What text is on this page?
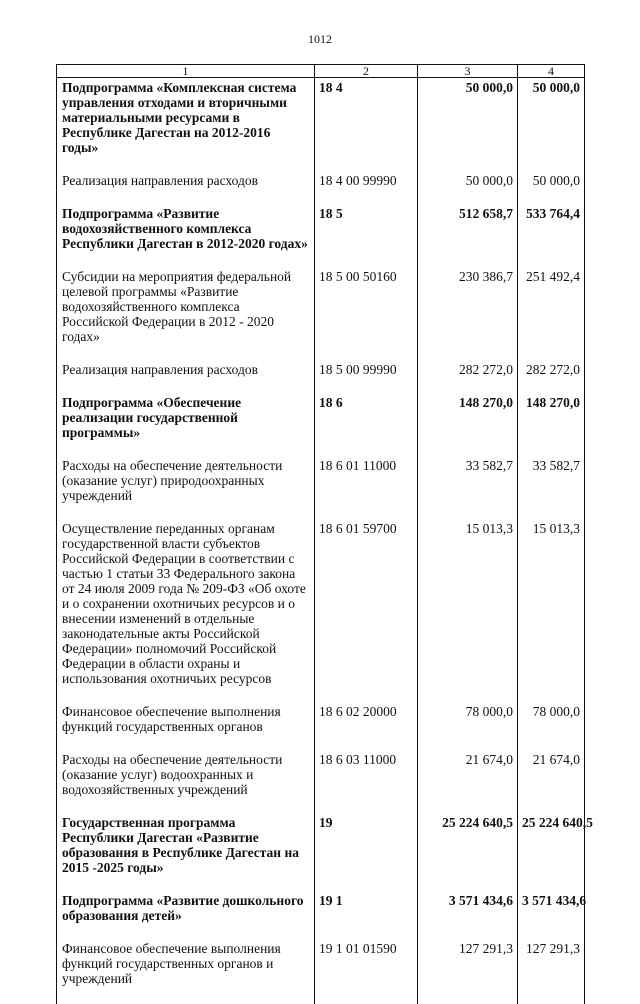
1012
1	2	3	4
Подпрограмма «Комплексная система управления отходами и вторичными материальными ресурсами в Республике Дагестан на 2012-2016 годы»	18 4	50 000,0	50 000,0
Реализация направления расходов	18 4 00 99990	50 000,0	50 000,0
Подпрограмма «Развитие водохозяйственного комплекса Республики Дагестан в 2012-2020 годах»	18 5	512 658,7	533 764,4
Субсидии на мероприятия федеральной целевой программы «Развитие водохозяйственного комплекса Российской Федерации в 2012 - 2020 годах»	18 5 00 50160	230 386,7	251 492,4
Реализация направления расходов	18 5 00 99990	282 272,0	282 272,0
Подпрограмма «Обеспечение реализации государственной программы»	18 6	148 270,0	148 270,0
Расходы на обеспечение деятельности (оказание услуг) природоохранных учреждений	18 6 01 11000	33 582,7	33 582,7
Осуществление переданных органам государственной власти субъектов Российской Федерации в соответствии с частью 1 статьи 33 Федерального закона от 24 июля 2009 года № 209-ФЗ «Об охоте и о сохранении охотничьих ресурсов и о внесении изменений в отдельные законодательные акты Российской Федерации» полномочий Российской Федерации в области охраны и использования охотничьих ресурсов	18 6 01 59700	15 013,3	15 013,3
Финансовое обеспечение выполнения функций государственных органов	18 6 02 20000	78 000,0	78 000,0
Расходы на обеспечение деятельности (оказание услуг) водоохранных и водохозяйственных учреждений	18 6 03 11000	21 674,0	21 674,0
Государственная программа Республики Дагестан «Развитие образования в Республике Дагестан на 2015 -2025 годы»	19	25 224 640,5	25 224 640,5
Подпрограмма «Развитие дошкольного образования детей»	19 1	3 571 434,6	3 571 434,6
Финансовое обеспечение выполнения функций государственных органов и учреждений	19 1 01 01590	127 291,3	127 291,3
